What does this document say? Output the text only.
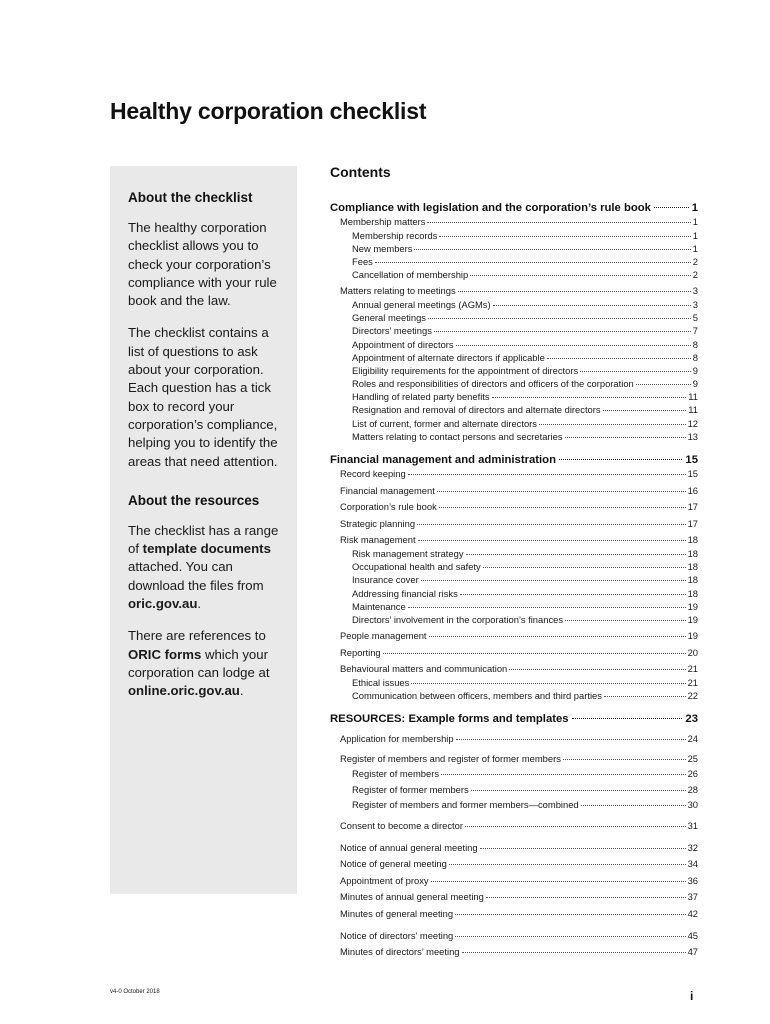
Healthy corporation checklist
About the checklist

The healthy corporation checklist allows you to check your corporation’s compliance with your rule book and the law.

The checklist contains a list of questions to ask about your corporation. Each question has a tick box to record your corporation’s compliance, helping you to identify the areas that need attention.

About the resources

The checklist has a range of template documents attached. You can download the files from oric.gov.au.

There are references to ORIC forms which your corporation can lodge at online.oric.gov.au.

Contents
Compliance with legislation and the corporation’s rule book	1
Membership matters	1
Membership records	1
New members	1
Fees	2
Cancellation of membership	2
Matters relating to meetings	3
Annual general meetings (AGMs)	3
General meetings	5
Directors’ meetings	7
Appointment of directors	8
Appointment of alternate directors if applicable	8
Eligibility requirements for the appointment of directors	9
Roles and responsibilities of directors and officers of the corporation	9
Handling of related party benefits	11
Resignation and removal of directors and alternate directors	11
List of current, former and alternate directors	12
Matters relating to contact persons and secretaries	13
Financial management and administration	15
Record keeping	15
Financial management	16
Corporation’s rule book	17
Strategic planning	17
Risk management	18
Risk management strategy	18
Occupational health and safety	18
Insurance cover	18
Addressing financial risks	18
Maintenance	19
Directors’ involvement in the corporation’s finances	19
People management	19
Reporting	20
Behavioural matters and communication	21
Ethical issues	21
Communication between officers, members and third parties	22
RESOURCES: Example forms and templates	23
Application for membership	24
Register of members and register of former members	25
Register of members	26
Register of former members	28
Register of members and former members—combined	30
Consent to become a director	31
Notice of annual general meeting	32
Notice of general meeting	34
Appointment of proxy	36
Minutes of annual general meeting	37
Minutes of general meeting	42
Notice of directors’ meeting	45
Minutes of directors’ meeting	47
v4-0 October 2018	i
